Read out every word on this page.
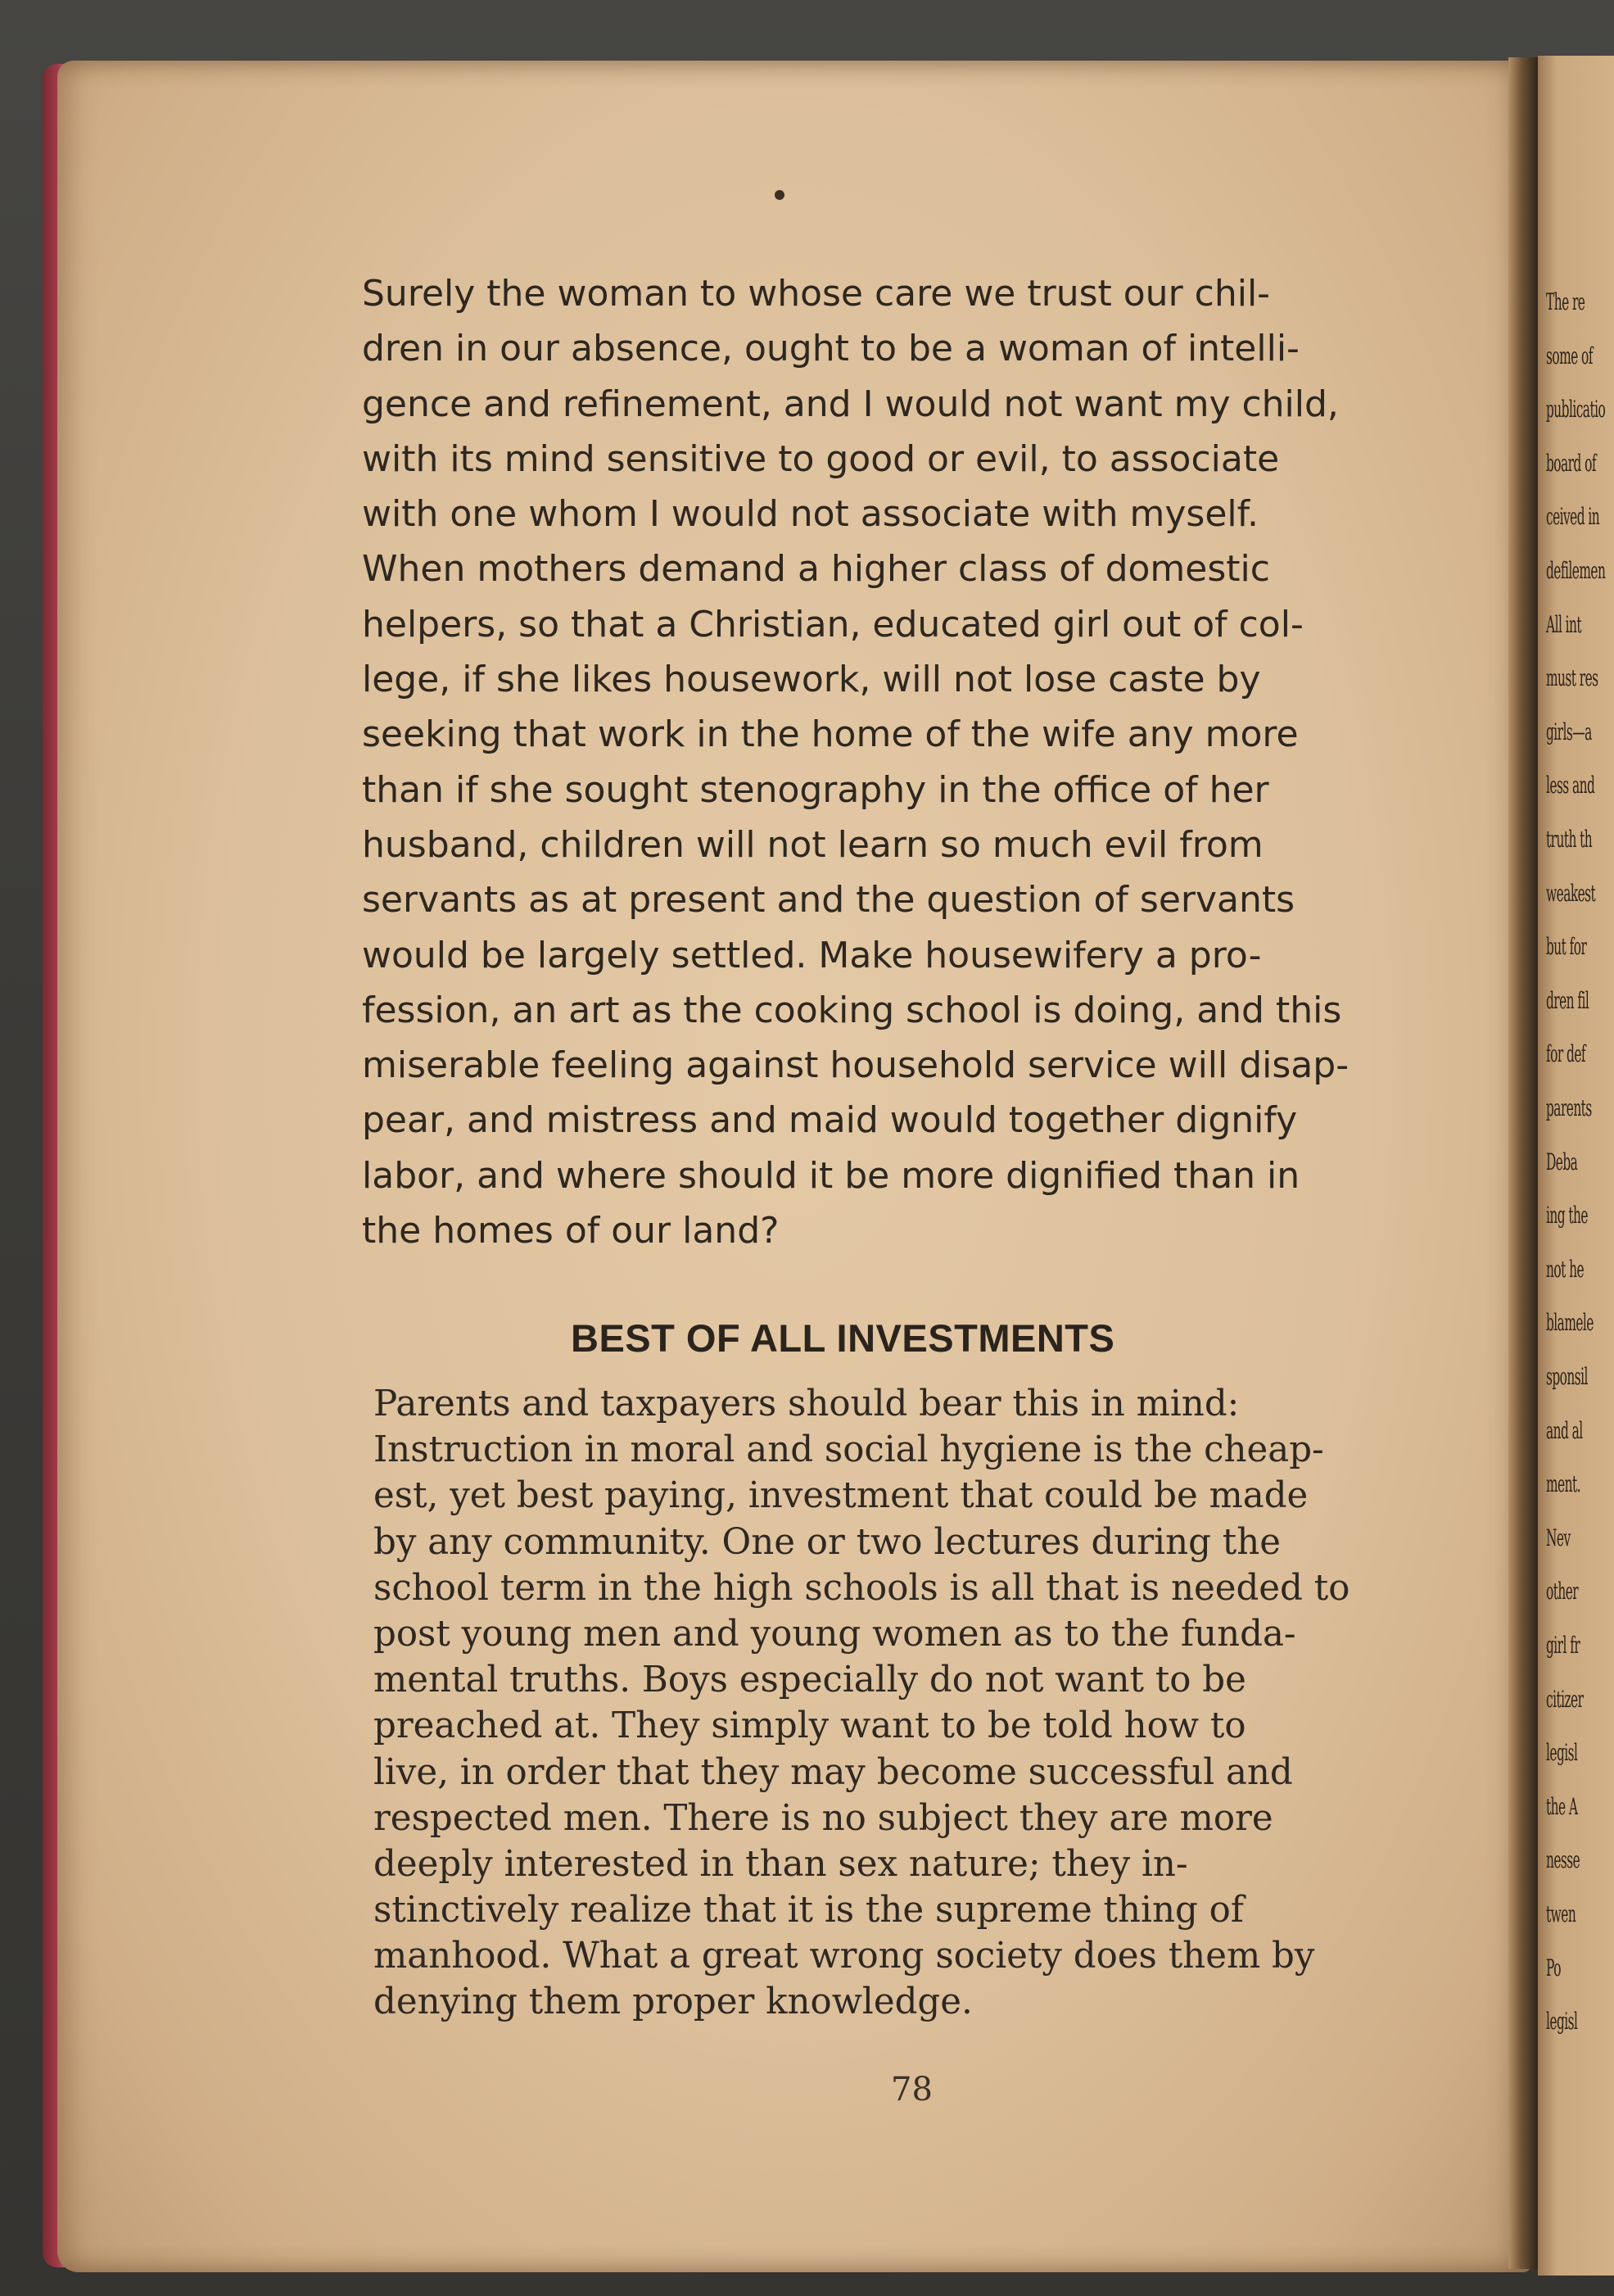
The re
some of
publicatio
board of
ceived in
defilemen
All int
must res
girls—a
less and
truth th
weakest
but for
dren fil
for def
parents
Deba
ing the
not he
blamele
sponsil
and al
ment.
Nev
other
girl fr
citizer
legisl
the A
nesse
twen
Po
legisl
Surely the woman to whose care we trust our chil-
dren in our absence, ought to be a woman of intelli-
gence and refinement, and I would not want my child,
with its mind sensitive to good or evil, to associate
with one whom I would not associate with myself.
When mothers demand a higher class of domestic
helpers, so that a Christian, educated girl out of col-
lege, if she likes housework, will not lose caste by
seeking that work in the home of the wife any more
than if she sought stenography in the office of her
husband, children will not learn so much evil from
servants as at present and the question of servants
would be largely settled. Make housewifery a pro-
fession, an art as the cooking school is doing, and this
miserable feeling against household service will disap-
pear, and mistress and maid would together dignify
labor, and where should it be more dignified than in
the homes of our land?
BEST OF ALL INVESTMENTS
Parents and taxpayers should bear this in mind:
Instruction in moral and social hygiene is the cheap-
est, yet best paying, investment that could be made
by any community. One or two lectures during the
school term in the high schools is all that is needed to
post young men and young women as to the funda-
mental truths. Boys especially do not want to be
preached at. They simply want to be told how to
live, in order that they may become successful and
respected men. There is no subject they are more
deeply interested in than sex nature; they in-
stinctively realize that it is the supreme thing of
manhood. What a great wrong society does them by
denying them proper knowledge.
78
